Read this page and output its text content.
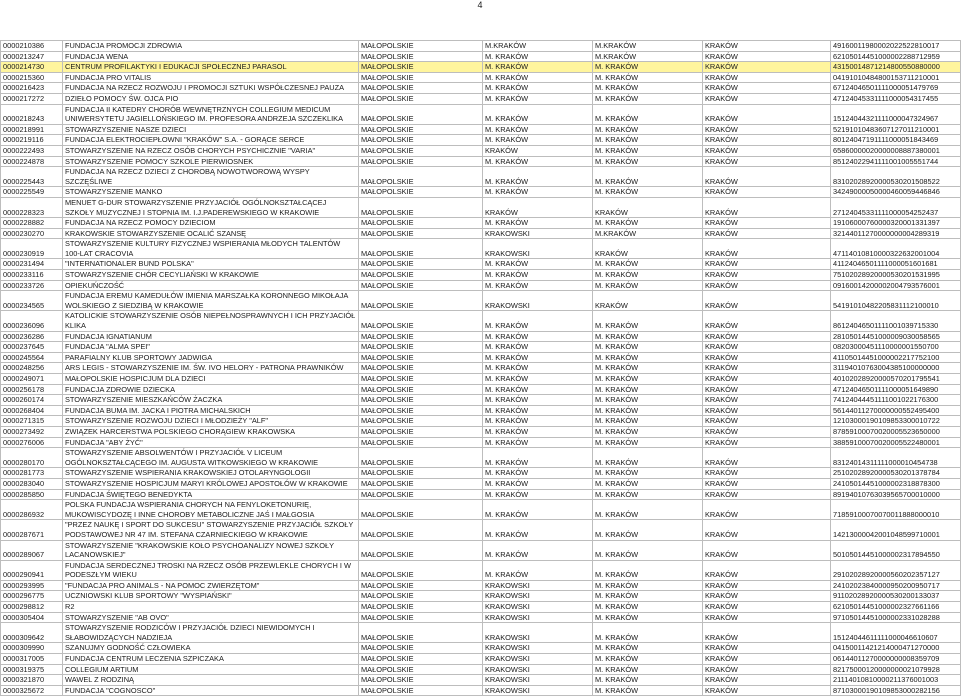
4
0000210386	FUNDACJA PROMOCJI ZDROWIA	MAŁOPOLSKIE	M.KRAKÓW	M.KRAKÓW	KRAKÓW	49160011980002022522810017
0000213247	FUNDACJA WENA	MAŁOPOLSKIE	M. KRAKÓW	M.KRAKÓW	KRAKÓW	62105014451000002288712959
0000214730	CENTRUM PROFILAKTYKI I EDUKACJI SPOŁECZNEJ PARASOL	MAŁOPOLSKIE	M. KRAKÓW	M. KRAKÓW	KRAKÓW	43150014871214800550880000
0000215360	FUNDACJA PRO VITALIS	MAŁOPOLSKIE	M. KRAKÓW	M. KRAKÓW	KRAKÓW	04191010484800153711210001
0000216423	FUNDACJA NA RZECZ ROZWOJU I PROMOCJI SZTUKI WSPÓŁCZESNEJ PAUZA	MAŁOPOLSKIE	M. KRAKÓW	M. KRAKÓW	KRAKÓW	67124046501111000051479769
0000217272	DZIEŁO POMOCY ŚW. OJCA PIO	MAŁOPOLSKIE	M. KRAKÓW	M. KRAKÓW	KRAKÓW	47124045331111000054317455
0000218243	FUNDACJA II KATEDRY CHORÓB WEWNĘTRZNYCH COLLEGIUM MEDICUM UNIWERSYTETU JAGIELLOŃSKIEGO IM. PROFESORA ANDRZEJA SZCZEKLIKA	MAŁOPOLSKIE	M. KRAKÓW	M. KRAKÓW	KRAKÓW	15124044321111000047324967
0000218991	STOWARZYSZENIE NASZE DZIECI	MAŁOPOLSKIE	M. KRAKÓW	M. KRAKÓW	KRAKÓW	52191010483607127011210001
0000219116	FUNDACJA ELEKTROCIEPŁOWNI "KRAKÓW" S.A. - GORĄCE SERCE	MAŁOPOLSKIE	M. KRAKÓW	M. KRAKÓW	KRAKÓW	80124047191111000051843469
0000222493	STOWARZYSZENIE NA RZECZ OSÓB CHORYCH PSYCHICZNIE "VARIA"	MAŁOPOLSKIE	KRAKÓW	M. KRAKÓW	KRAKÓW	65860000020000008887380001
0000224878	STOWARZYSZENIE POMOCY SZKOLE PIERWIOSNEK	MAŁOPOLSKIE	M. KRAKÓW	M. KRAKÓW	KRAKÓW	85124022941111001005551744
0000225443	FUNDACJA NA RZECZ DZIECI Z CHOROBĄ NOWOTWOROWĄ WYSPY SZCZĘŚLIWE	MAŁOPOLSKIE	M. KRAKÓW	M. KRAKÓW	KRAKÓW	83102028920000530201508522
0000225549	STOWARZYSZENIE MANKO	MAŁOPOLSKIE	M. KRAKÓW	M. KRAKÓW	KRAKÓW	34249000050000460059446846
0000228323	MENUET G-DUR STOWARZYSZENIE PRZYJACIÓŁ OGÓLNOKSZTAŁCĄCEJ SZKOŁY MUZYCZNEJ I STOPNIA IM. I.J.PADEREWSKIEGO W KRAKOWIE	MAŁOPOLSKIE	KRAKÓW	KRAKÓW	KRAKÓW	27124045331111000054252437
0000228882	FUNDACJA NA RZECZ POMOCY DZIECIOM	MAŁOPOLSKIE	M. KRAKÓW	M. KRAKÓW	KRAKÓW	19106000760000320001331397
0000230270	KRAKOWSKIE STOWARZYSZENIE OCALIĆ SZANSĘ	MAŁOPOLSKIE	KRAKOWSKI	M.KRAKÓW	KRAKÓW	32144011270000000004289319
0000230919	STOWARZYSZENIE KULTURY FIZYCZNEJ WSPIERANIA MŁODYCH TALENTÓW 100-LAT CRACOVIA	MAŁOPOLSKIE	KRAKOWSKI	KRAKÓW	KRAKÓW	47114010810000322632001004
0000231494	"INTERNATIONALER BUND POLSKA"	MAŁOPOLSKIE	M. KRAKÓW	M. KRAKÓW	KRAKÓW	41124046501111000051601681
0000233116	STOWARZYSZENIE CHÓR CECYLIAŃSKI W KRAKOWIE	MAŁOPOLSKIE	M. KRAKÓW	M. KRAKÓW	KRAKÓW	75102028920000530201531995
0000233726	OPIEKUŃCZOŚĆ	MAŁOPOLSKIE	M. KRAKÓW	M. KRAKÓW	KRAKÓW	09160014200002004793576001
0000234565	FUNDACJA EREMU KAMEDUŁÓW IMIENIA MARSZAŁKA KORONNEGO MIKOŁAJA WOLSKIEGO Z SIEDZIBĄ W KRAKOWIE	MAŁOPOLSKIE	KRAKOWSKI	KRAKÓW	KRAKÓW	54191010482205831112100010
0000236096	KATOLICKIE STOWARZYSZENIE OSÓB NIEPEŁNOSPRAWNYCH I ICH PRZYJACIÓŁ KLIKA	MAŁOPOLSKIE	M. KRAKÓW	M. KRAKÓW	KRAKÓW	86124046501111001039715330
0000236286	FUNDACJA IGNATIANUM	MAŁOPOLSKIE	M. KRAKÓW	M. KRAKÓW	KRAKÓW	28105014451000009030058565
0000237645	FUNDACJA "ALMA SPEI"	MAŁOPOLSKIE	M. KRAKÓW	M. KRAKÓW	KRAKÓW	08203000451110000001550700
0000245564	PARAFIALNY KLUB SPORTOWY JADWIGA	MAŁOPOLSKIE	M. KRAKÓW	M. KRAKÓW	KRAKÓW	41105014451000002217752100
0000248256	ARS LEGIS - STOWARZYSZENIE IM. ŚW. IVO HELORY - PATRONA PRAWNIKÓW	MAŁOPOLSKIE	M. KRAKÓW	M. KRAKÓW	KRAKÓW	31194010763004385100000000
0000249071	MAŁOPOLSKIE HOSPICJUM DLA DZIECI	MAŁOPOLSKIE	M. KRAKÓW	M. KRAKÓW	KRAKÓW	40102028920000570201795541
0000256178	FUNDACJA ZDROWIE DZIECKA	MAŁOPOLSKIE	M. KRAKÓW	M. KRAKÓW	KRAKÓW	47124046501111000051649890
0000260174	STOWARZYSZENIE MIESZKAŃCÓW ŻACZKA	MAŁOPOLSKIE	M. KRAKÓW	M. KRAKÓW	KRAKÓW	74124044451111001022176300
0000268404	FUNDACJA BUMA IM. JACKA I PIOTRA MICHALSKICH	MAŁOPOLSKIE	M. KRAKÓW	M. KRAKÓW	KRAKÓW	56144011270000000552495400
0000271315	STOWARZYSZENIE ROZWOJU DZIECI I MŁODZIEŻY "ALF"	MAŁOPOLSKIE	M. KRAKÓW	M. KRAKÓW	KRAKÓW	12103000190109853300010722
0000273492	ZWIĄZEK HARCERSTWA POLSKIEGO CHORĄGIEW KRAKOWSKA	MAŁOPOLSKIE	M. KRAKÓW	M. KRAKÓW	KRAKÓW	87859100070020005523650000
0000276006	FUNDACJA "ABY ŻYĆ"	MAŁOPOLSKIE	M. KRAKÓW	M. KRAKÓW	KRAKÓW	38859100070020005522480001
0000280170	STOWARZYSZENIE ABSOLWENTÓW I PRZYJACIÓŁ V LICEUM OGÓLNOKSZTAŁCĄCEGO IM. AUGUSTA WITKOWSKIEGO W KRAKOWIE	MAŁOPOLSKIE	M. KRAKÓW	M. KRAKÓW	KRAKÓW	83124014311111000010454738
0000281773	STOWARZYSZENIE WSPIERANIA KRAKOWSKIEJ OTOLARYNGOLOGII	MAŁOPOLSKIE	M. KRAKÓW	M. KRAKÓW	KRAKÓW	25102028920000530201378784
0000283040	STOWARZYSZENIE HOSPICJUM MARYI KRÓLOWEJ APOSTOŁÓW W KRAKOWIE	MAŁOPOLSKIE	M. KRAKÓW	M. KRAKÓW	KRAKÓW	24105014451000002318878300
0000285850	FUNDACJA ŚWIĘTEGO BENEDYKTA	MAŁOPOLSKIE	M. KRAKÓW	M. KRAKÓW	KRAKÓW	89194010763039565700010000
0000286932	POLSKA FUNDACJA WSPIERANIA CHORYCH NA FENYLOKETONURIĘ, MUKOWISCYDOZĘ I INNE CHOROBY METABOLICZNE JAŚ I MAŁGOSIA	MAŁOPOLSKIE	M. KRAKÓW	M. KRAKÓW	KRAKÓW	71859100070070011888000010
0000287671	"PRZEZ NAUKĘ I SPORT DO SUKCESU" STOWARZYSZENIE PRZYJACIÓŁ SZKOŁY PODSTAWOWEJ NR 47 IM. STEFANA CZARNIECKIEGO W KRAKOWIE	MAŁOPOLSKIE	M. KRAKÓW	M. KRAKÓW	KRAKÓW	14213000042001048599710001
0000289067	STOWARZYSZENIE "KRAKOWSKIE KOŁO PSYCHOANALIZY NOWEJ SZKOŁY LACANOWSKIEJ"	MAŁOPOLSKIE	M. KRAKÓW	M. KRAKÓW	KRAKÓW	50105014451000002317894550
0000290941	FUNDACJA SERDECZNEJ TROSKI NA RZECZ OSÓB PRZEWLEKLE CHORYCH I W PODESZŁYM WIEKU	MAŁOPOLSKIE	M. KRAKÓW	M. KRAKÓW	KRAKÓW	29102028920000560202357127
0000293995	"FUNDACJA PRO ANIMALS - NA POMOC ZWIERZĘTOM"	MAŁOPOLSKIE	KRAKOWSKI	M. KRAKÓW	KRAKÓW	24102023840000950200950717
0000296775	UCZNIOWSKI KLUB SPORTOWY "WYSPIAŃSKI"	MAŁOPOLSKIE	KRAKOWSKI	M. KRAKÓW	KRAKÓW	91102028920000530200133037
0000298812	R2	MAŁOPOLSKIE	KRAKOWSKI	M. KRAKÓW	KRAKÓW	62105014451000002327661166
0000305404	STOWARZYSZENIE "AB OVO"	MAŁOPOLSKIE	KRAKOWSKI	M. KRAKÓW	KRAKÓW	97105014451000002331028288
0000309642	STOWARZYSZENIE RODZICÓW I PRZYJACIÓŁ DZIECI NIEWIDOMYCH I SŁABOWIDZĄCYCH NADZIEJA	MAŁOPOLSKIE	KRAKOWSKI	M. KRAKÓW	KRAKÓW	15124044611111000046610607
0000309990	SZANUJMY GODNOŚĆ CZŁOWIEKA	MAŁOPOLSKIE	KRAKOWSKI	M. KRAKÓW	KRAKÓW	04150011421214000471270000
0000317005	FUNDACJA CENTRUM LECZENIA SZPICZAKA	MAŁOPOLSKIE	KRAKOWSKI	M. KRAKÓW	KRAKÓW	06144011270000000008359709
0000319375	COLLEGIUM ARTIUM	MAŁOPOLSKIE	KRAKOWSKI	M. KRAKÓW	KRAKÓW	82175000120000000021079928
0000321870	WAWEL Z RODZINĄ	MAŁOPOLSKIE	KRAKOWSKI	M. KRAKÓW	KRAKÓW	21114010810000211376001003
0000325672	FUNDACJA "COGNOSCO"	MAŁOPOLSKIE	KRAKOWSKI	M. KRAKÓW	KRAKÓW	87103000190109853000282156
